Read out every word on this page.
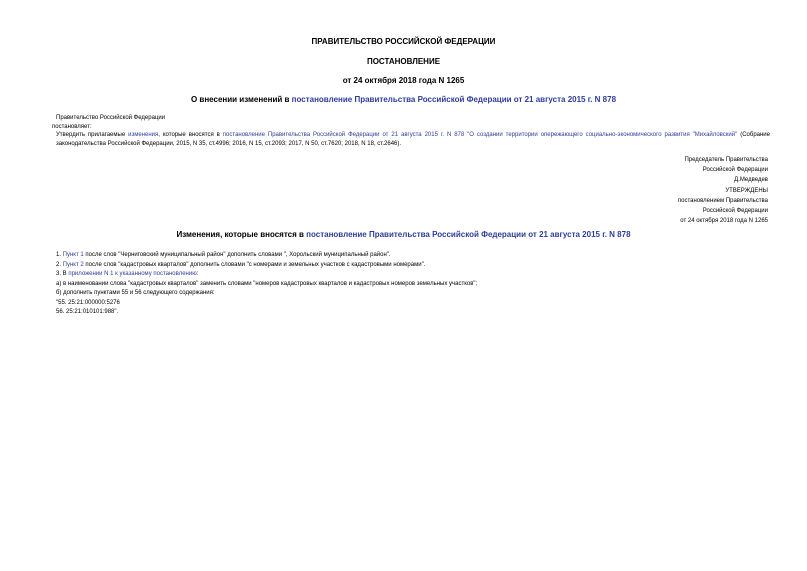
ПРАВИТЕЛЬСТВО РОССИЙСКОЙ ФЕДЕРАЦИИ
ПОСТАНОВЛЕНИЕ
от 24 октября 2018 года N 1265
О внесении изменений в постановление Правительства Российской Федерации от 21 августа 2015 г. N 878
Правительство Российской Федерации
постановляет:
Утвердить прилагаемые изменения, которые вносятся в постановление Правительства Российской Федерации от 21 августа 2015 г. N 878 "О создании территории опережающего социально-экономического развития "Михайловский" (Собрание законодательства Российской Федерации, 2015, N 35, ст.4996; 2016, N 15, ст.2093; 2017, N 50, ст.7620; 2018, N 18, ст.2646).
Председатель Правительства
Российской Федерации
Д.Медведев
УТВЕРЖДЕНЫ
постановлением Правительства
Российской Федерации
от 24 октября 2018 года N 1265
Изменения, которые вносятся в постановление Правительства Российской Федерации от 21 августа 2015 г. N 878
1. Пункт 1 после слов "Черниговский муниципальный район" дополнить словами ", Хорольский муниципальный район".
2. Пункт 2 после слов "кадастровых кварталов" дополнить словами "с номерами и земельных участков с кадастровыми номерами".
3. В приложении N 1 к указанному постановлению:
а) в наименовании слова "кадастровых кварталов" заменить словами "номеров кадастровых кварталов и кадастровых номеров земельных участков";
б) дополнить пунктами 55 и 56 следующего содержания:
"55. 25:21:000000:5276
56. 25:21:010101:988".
